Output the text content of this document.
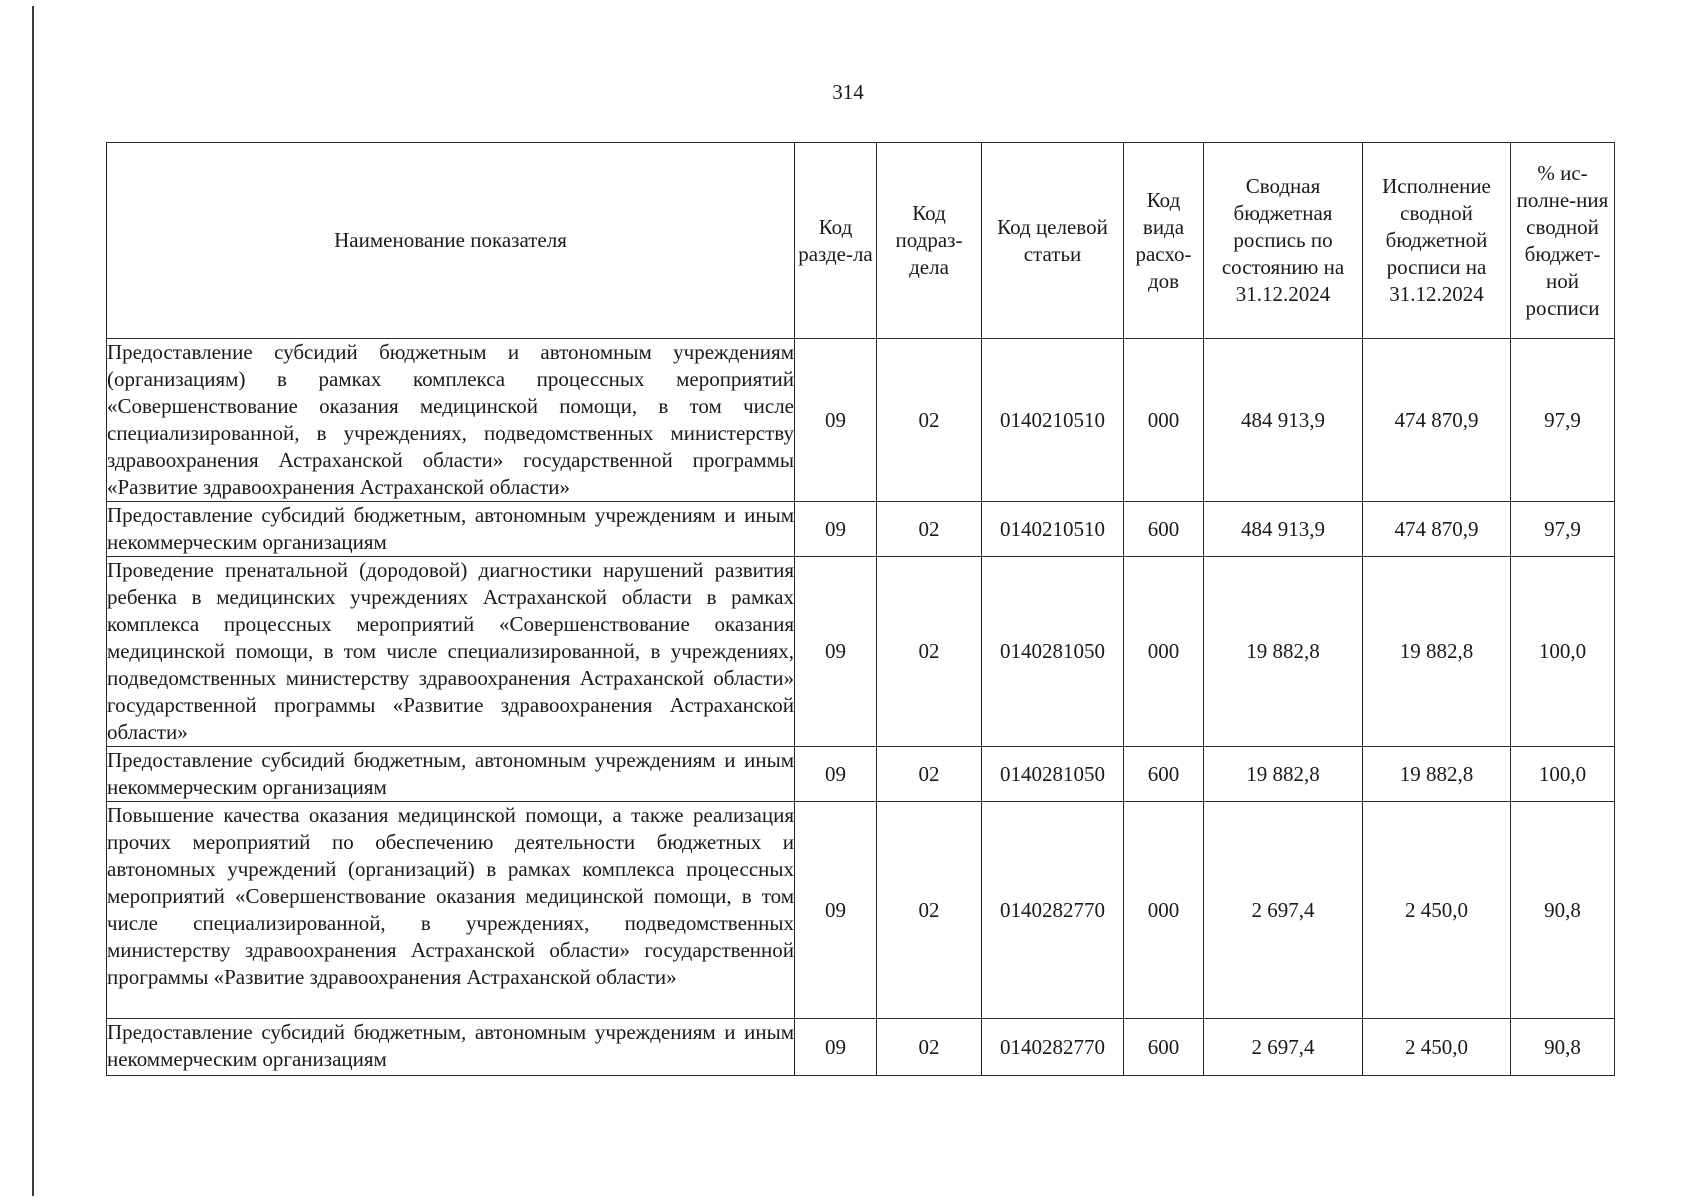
314
Наименование показателя	Код разде-ла	Код подраз-дела	Код целевой статьи	Код вида расхо-дов	Сводная бюджетная роспись по состоянию на 31.12.2024	Исполнение сводной бюджетной росписи на 31.12.2024	% ис-полне-ния сводной бюджет-ной росписи
Предоставление субсидий бюджетным и автономным учреждениям (организациям) в рамках комплекса процессных мероприятий «Совершенствование оказания медицинской помощи, в том числе специализированной, в учреждениях, подведомственных министерству здравоохранения Астраханской области» государственной программы «Развитие здравоохранения Астраханской области»	09	02	0140210510	000	484 913,9	474 870,9	97,9
Предоставление субсидий бюджетным, автономным учреждениям и иным некоммерческим организациям	09	02	0140210510	600	484 913,9	474 870,9	97,9
Проведение пренатальной (дородовой) диагностики нарушений развития ребенка в медицинских учреждениях Астраханской области в рамках комплекса процессных мероприятий «Совершенствование оказания медицинской помощи, в том числе специализированной, в учреждениях, подведомственных министерству здравоохранения Астраханской области» государственной программы «Развитие здравоохранения Астраханской области»	09	02	0140281050	000	19 882,8	19 882,8	100,0
Предоставление субсидий бюджетным, автономным учреждениям и иным некоммерческим организациям	09	02	0140281050	600	19 882,8	19 882,8	100,0
Повышение качества оказания медицинской помощи, а также реализация прочих мероприятий по обеспечению деятельности бюджетных и автономных учреждений (организаций) в рамках комплекса процессных мероприятий «Совершенствование оказания медицинской помощи, в том числе специализированной, в учреждениях, подведомственных министерству здравоохранения Астраханской области» государственной программы «Развитие здравоохранения Астраханской области»	09	02	0140282770	000	2 697,4	2 450,0	90,8
Предоставление субсидий бюджетным, автономным учреждениям и иным некоммерческим организациям	09	02	0140282770	600	2 697,4	2 450,0	90,8
